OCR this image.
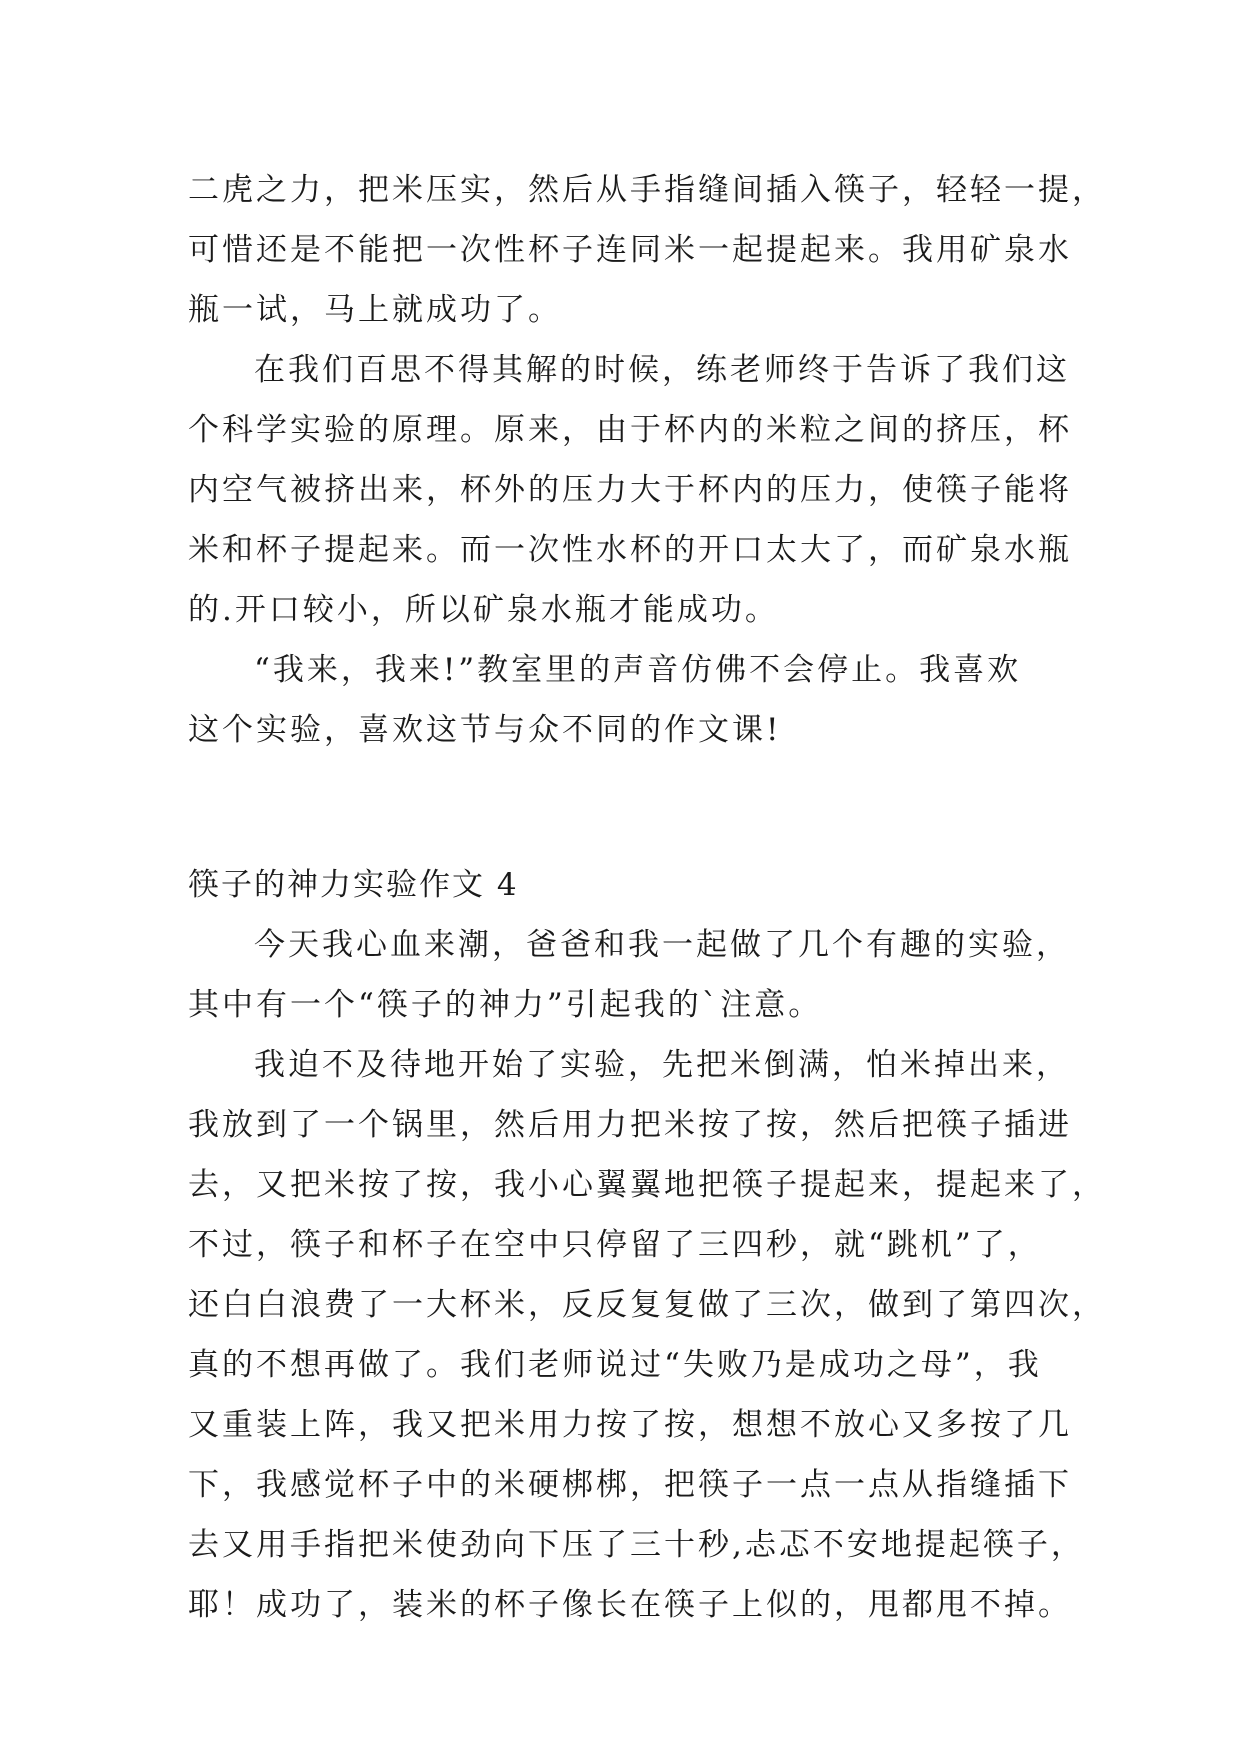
二虎之力，把米压实，然后从手指缝间插入筷子，轻轻一提，
可惜还是不能把一次性杯子连同米一起提起来。我用矿泉水
瓶一试，马上就成功了。
在我们百思不得其解的时候，练老师终于告诉了我们这
个科学实验的原理。原来，由于杯内的米粒之间的挤压，杯
内空气被挤出来，杯外的压力大于杯内的压力，使筷子能将
米和杯子提起来。而一次性水杯的开口太大了，而矿泉水瓶
的.开口较小，所以矿泉水瓶才能成功。
“我来，我来!”教室里的声音仿佛不会停止。我喜欢
这个实验，喜欢这节与众不同的作文课!
筷子的神力实验作文 4
今天我心血来潮，爸爸和我一起做了几个有趣的实验，
其中有一个“筷子的神力”引起我的`注意。
我迫不及待地开始了实验，先把米倒满，怕米掉出来，
我放到了一个锅里，然后用力把米按了按，然后把筷子插进
去，又把米按了按，我小心翼翼地把筷子提起来，提起来了，
不过，筷子和杯子在空中只停留了三四秒，就“跳机”了，
还白白浪费了一大杯米，反反复复做了三次，做到了第四次，
真的不想再做了。我们老师说过“失败乃是成功之母”，我
又重装上阵，我又把米用力按了按，想想不放心又多按了几
下，我感觉杯子中的米硬梆梆，把筷子一点一点从指缝插下
去又用手指把米使劲向下压了三十秒,忐忑不安地提起筷子，
耶！成功了，装米的杯子像长在筷子上似的，甩都甩不掉。
